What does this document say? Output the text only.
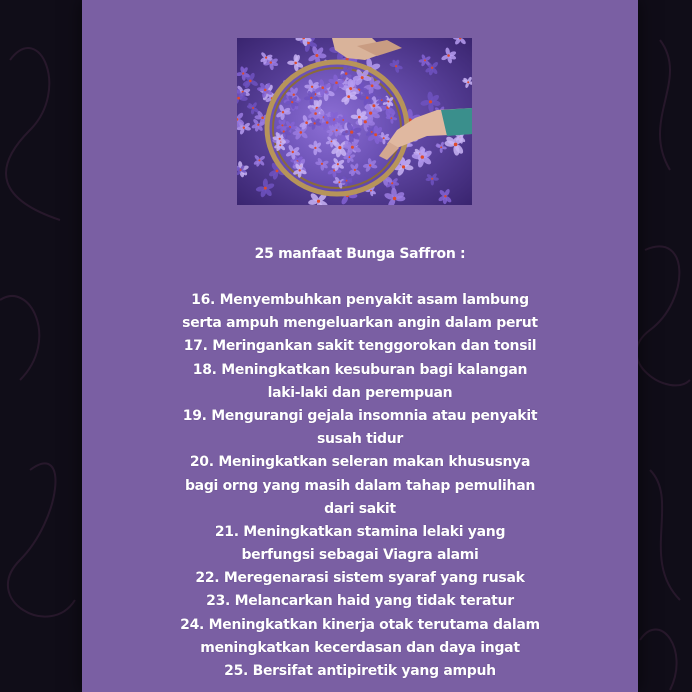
25 manfaat Bunga Saffron :

16. Menyembuhkan penyakit asam lambung

serta ampuh mengeluarkan angin dalam perut

17. Meringankan sakit tenggorokan dan tonsil

18. Meningkatkan kesuburan bagi kalangan

laki-laki dan perempuan

19. Mengurangi gejala insomnia atau penyakit

susah tidur

20. Meningkatkan seleran makan khususnya

bagi orng yang masih dalam tahap pemulihan

dari sakit

21. Meningkatkan stamina lelaki yang

berfungsi sebagai Viagra alami

22. Meregenarasi sistem syaraf yang rusak

23. Melancarkan haid yang tidak teratur

24. Meningkatkan kinerja otak terutama dalam

meningkatkan kecerdasan dan daya ingat

25. Bersifat antipiretik yang ampuh
